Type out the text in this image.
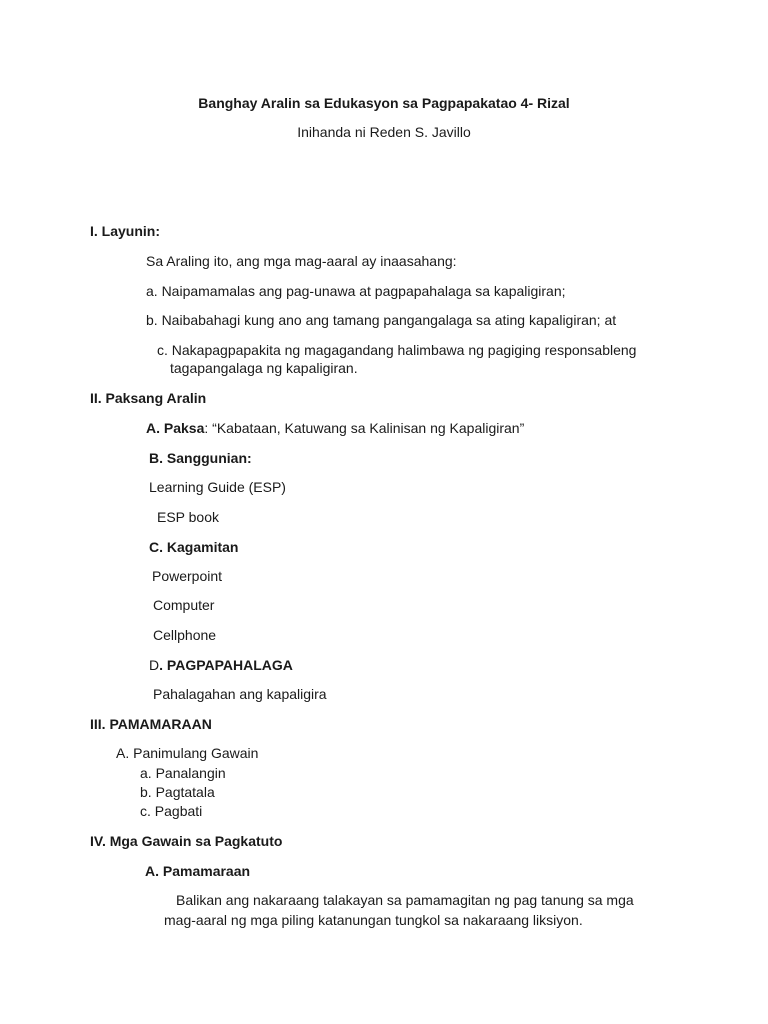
Banghay Aralin sa Edukasyon sa Pagpapakatao 4- Rizal
Inihanda ni Reden S. Javillo
I. Layunin:
Sa Araling ito, ang mga mag-aaral ay inaasahang:
a. Naipamamalas ang pag-unawa at pagpapahalaga sa kapaligiran;
b. Naibabahagi kung ano ang tamang pangangalaga sa ating kapaligiran; at
c. Nakapagpapakita ng magagandang halimbawa ng pagiging responsableng
tagapangalaga ng kapaligiran.
II. Paksang Aralin
A. Paksa: “Kabataan, Katuwang sa Kalinisan ng Kapaligiran”
B. Sanggunian:
Learning Guide (ESP)
ESP book
C. Kagamitan
Powerpoint
Computer
Cellphone
D. PAGPAPAHALAGA
Pahalagahan ang kapaligira
III. PAMAMARAAN
A. Panimulang Gawain
a. Panalangin
b. Pagtatala
c. Pagbati
IV. Mga Gawain sa Pagkatuto
A. Pamamaraan
Balikan ang nakaraang talakayan sa pamamagitan ng pag tanung sa mga
mag-aaral ng mga piling katanungan tungkol sa nakaraang liksiyon.
